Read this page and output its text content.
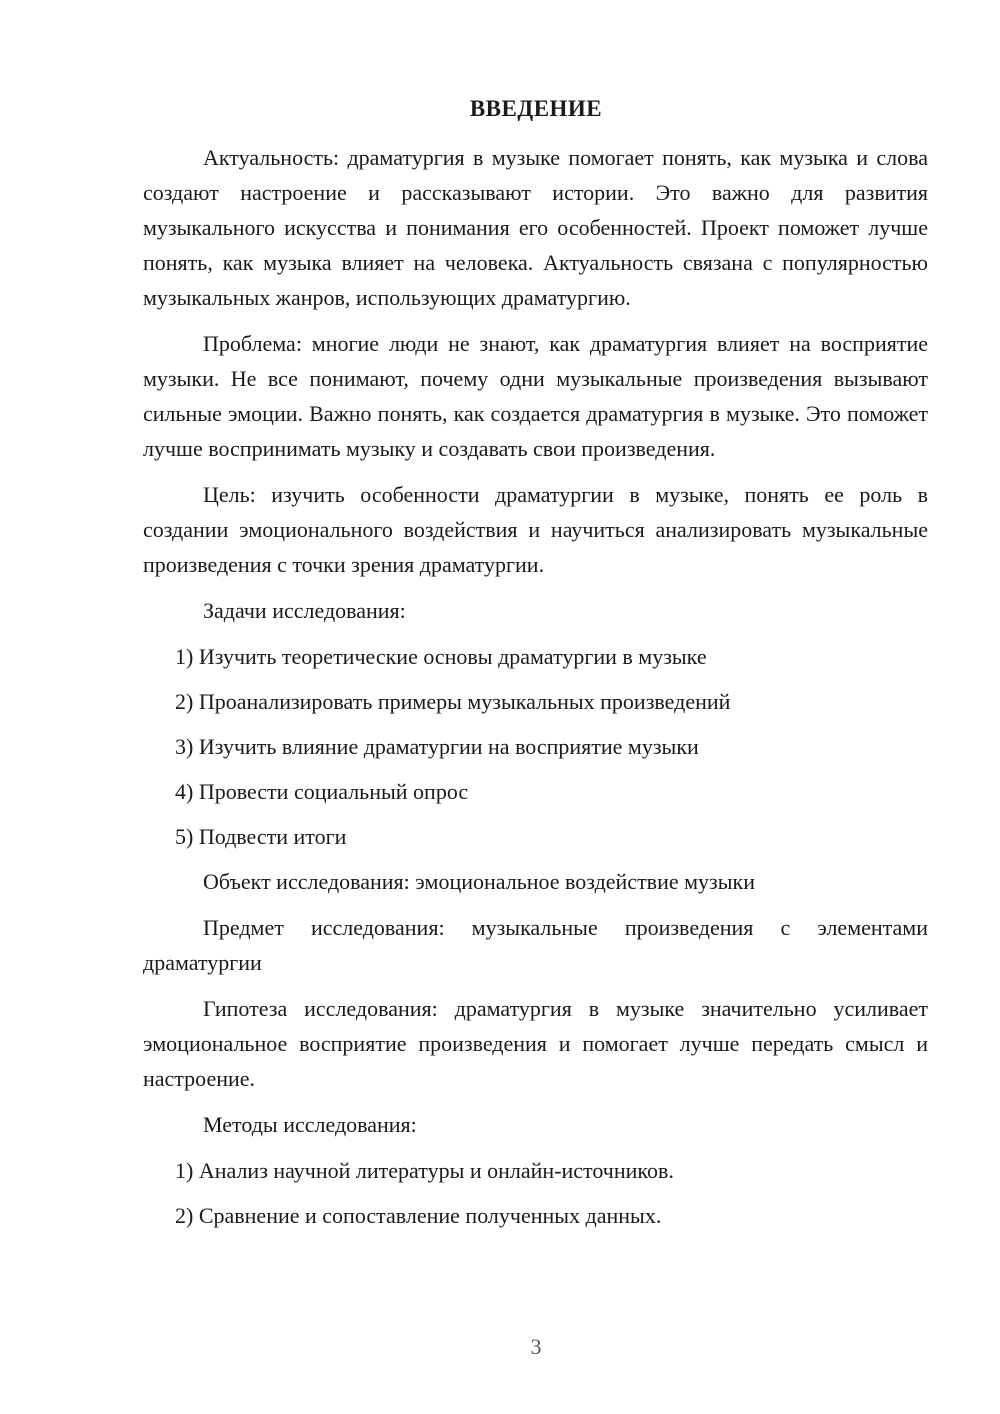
ВВЕДЕНИЕ

Актуальность: драматургия в музыке помогает понять, как музыка и слова создают настроение и рассказывают истории. Это важно для развития музыкального искусства и понимания его особенностей. Проект поможет лучше понять, как музыка влияет на человека. Актуальность связана с популярностью музыкальных жанров, использующих драматургию.

Проблема: многие люди не знают, как драматургия влияет на восприятие музыки. Не все понимают, почему одни музыкальные произведения вызывают сильные эмоции. Важно понять, как создается драматургия в музыке. Это поможет лучше воспринимать музыку и создавать свои произведения.

Цель: изучить особенности драматургии в музыке, понять ее роль в создании эмоционального воздействия и научиться анализировать музыкальные произведения с точки зрения драматургии.

Задачи исследования:

1) Изучить теоретические основы драматургии в музыке

2) Проанализировать примеры музыкальных произведений

3) Изучить влияние драматургии на восприятие музыки

4) Провести социальный опрос

5) Подвести итоги

Объект исследования: эмоциональное воздействие музыки

Предмет исследования: музыкальные произведения с элементами драматургии

Гипотеза исследования: драматургия в музыке значительно усиливает эмоциональное восприятие произведения и помогает лучше передать смысл и настроение.

Методы исследования:

1) Анализ научной литературы и онлайн-источников.

2) Сравнение и сопоставление полученных данных.

3
